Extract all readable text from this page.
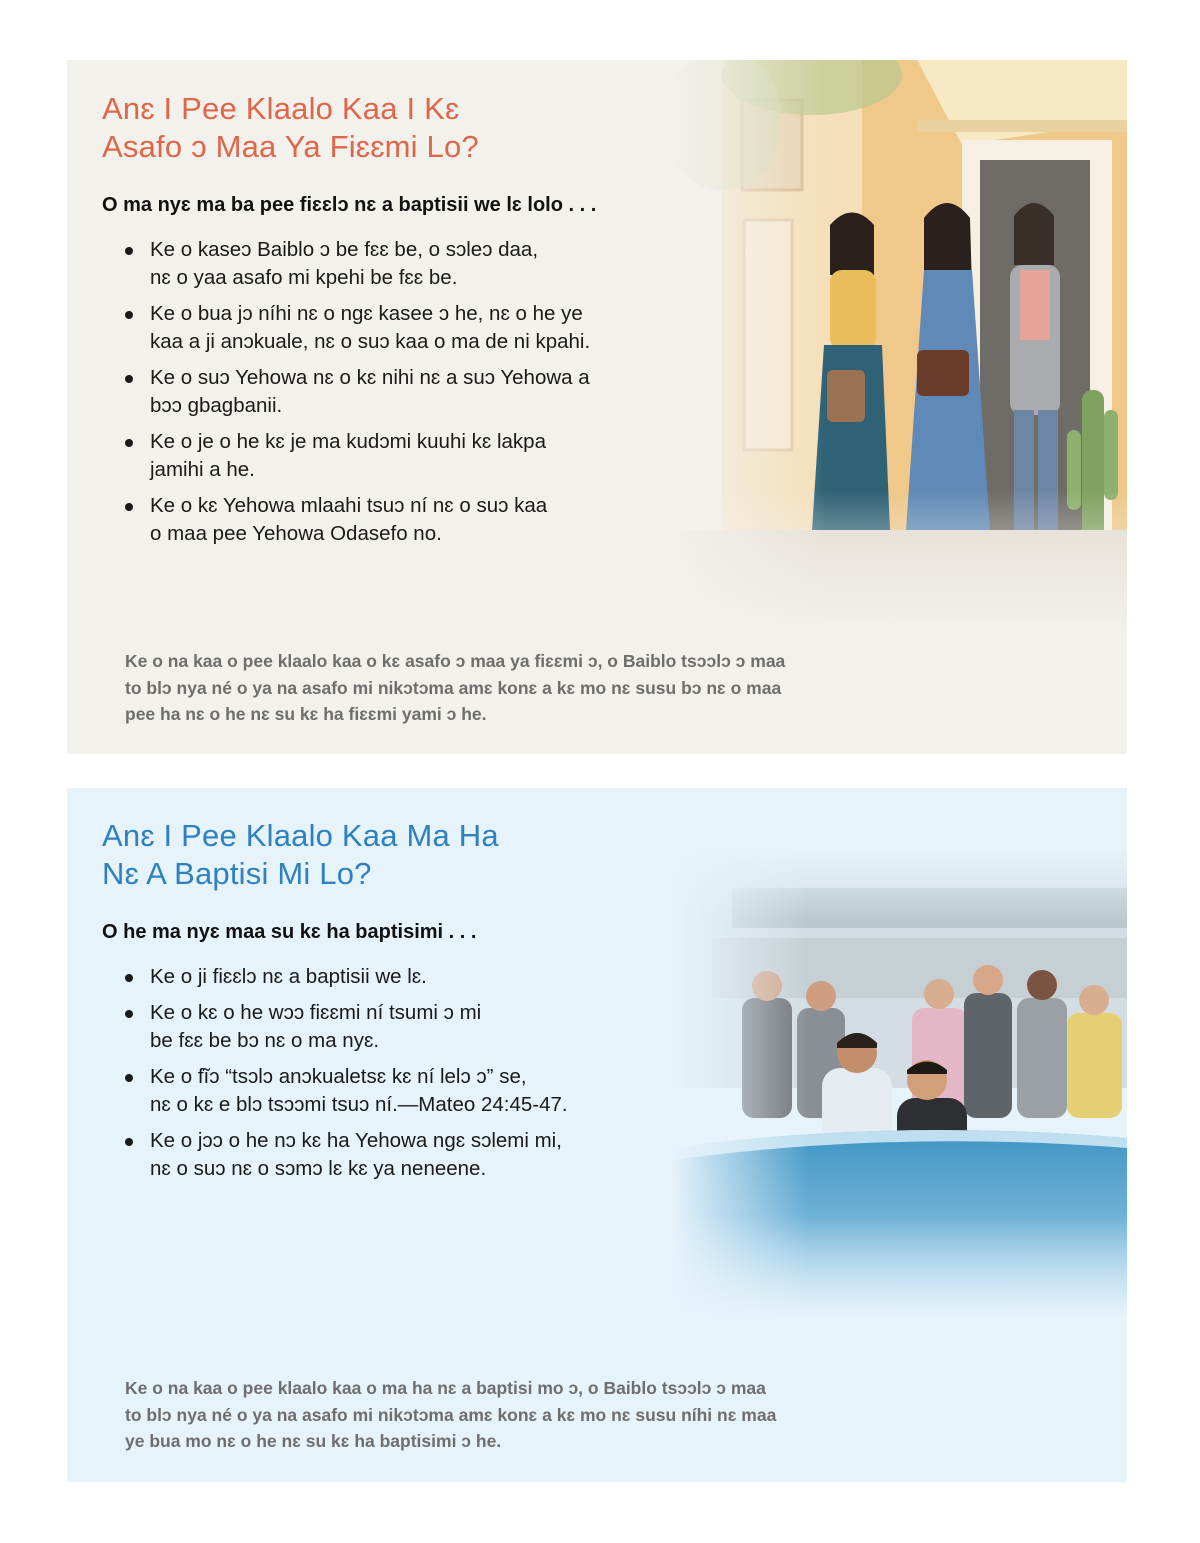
Anɛ I Pee Klaalo Kaa I Kɛ
Asafo ɔ Maa Ya Fiɛɛmi Lo?

O ma nyɛ ma ba pee fiɛɛlɔ nɛ a baptisii we lɛ lolo . . .

Ke o kaseɔ Baiblo ɔ be fɛɛ be, o sɔleɔ daa,
nɛ o yaa asafo mi kpehi be fɛɛ be.
Ke o bua jɔ níhi nɛ o ngɛ kasee ɔ he, nɛ o he ye
kaa a ji anɔkuale, nɛ o suɔ kaa o ma de ni kpahi.
Ke o suɔ Yehowa nɛ o kɛ nihi nɛ a suɔ Yehowa a
bɔɔ gbagbanii.
Ke o je o he kɛ je ma kudɔmi kuuhi kɛ lakpa
jamihi a he.
Ke o kɛ Yehowa mlaahi tsuɔ ní nɛ o suɔ kaa
o maa pee Yehowa Odasefo no.

Ke o na kaa o pee klaalo kaa o kɛ asafo ɔ maa ya fiɛɛmi ɔ, o Baiblo tsɔɔlɔ ɔ maa
to blɔ nya né o ya na asafo mi nikɔtɔma amɛ konɛ a kɛ mo nɛ susu bɔ nɛ o maa
pee ha nɛ o he nɛ su kɛ ha fiɛɛmi yami ɔ he.

Anɛ I Pee Klaalo Kaa Ma Ha
Nɛ A Baptisi Mi Lo?

O he ma nyɛ maa su kɛ ha baptisimi . . .

Ke o ji fiɛɛlɔ nɛ a baptisii we lɛ.
Ke o kɛ o he wɔɔ fiɛɛmi ní tsumi ɔ mi
be fɛɛ be bɔ nɛ o ma nyɛ.
Ke o fĩɔ “tsɔlɔ anɔkualetsɛ kɛ ní lelɔ ɔ” se,
nɛ o kɛ e blɔ tsɔɔmi tsuɔ ní.—Mateo 24:45-47.
Ke o jɔɔ o he nɔ kɛ ha Yehowa ngɛ sɔlemi mi,
nɛ o suɔ nɛ o sɔmɔ lɛ kɛ ya neneene.

Ke o na kaa o pee klaalo kaa o ma ha nɛ a baptisi mo ɔ, o Baiblo tsɔɔlɔ ɔ maa
to blɔ nya né o ya na asafo mi nikɔtɔma amɛ konɛ a kɛ mo nɛ susu níhi nɛ maa
ye bua mo nɛ o he nɛ su kɛ ha baptisimi ɔ he.
